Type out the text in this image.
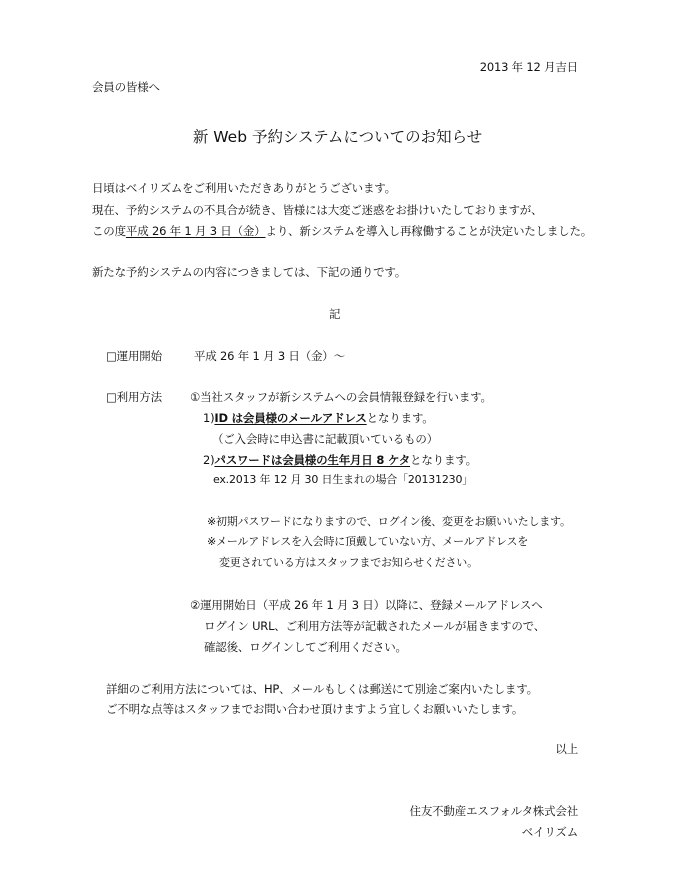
2013 年 12 月吉日
会員の皆様へ
新 Web 予約システムについてのお知らせ
日頃はベイリズムをご利用いただきありがとうございます。
現在、予約システムの不具合が続き、皆様には大変ご迷惑をお掛けいたしておりますが、
この度平成 26 年 1 月 3 日（金）より、新システムを導入し再稼働することが決定いたしました。
新たな予約システムの内容につきましては、下記の通りです。
記
□運用開始	平成 26 年 1 月 3 日（金）～
□利用方法 ①当社スタッフが新システムへの会員情報登録を行います。
1)ID は会員様のメールアドレスとなります。
（ご入会時に申込書に記載頂いているもの）
2)パスワードは会員様の生年月日 8 ケタとなります。
ex.2013 年 12 月 30 日生まれの場合「20131230」
※初期パスワードになりますので、ログイン後、変更をお願いいたします。
※メールアドレスを入会時に頂戴していない方、メールアドレスを
変更されている方はスタッフまでお知らせください。
②運用開始日（平成 26 年 1 月 3 日）以降に、登録メールアドレスへ
ログイン URL、ご利用方法等が記載されたメールが届きますので、
確認後、ログインしてご利用ください。
詳細のご利用方法については、HP、メールもしくは郵送にて別途ご案内いたします。
ご不明な点等はスタッフまでお問い合わせ頂けますよう宜しくお願いいたします。
以上
住友不動産エスフォルタ株式会社
ベイリズム
